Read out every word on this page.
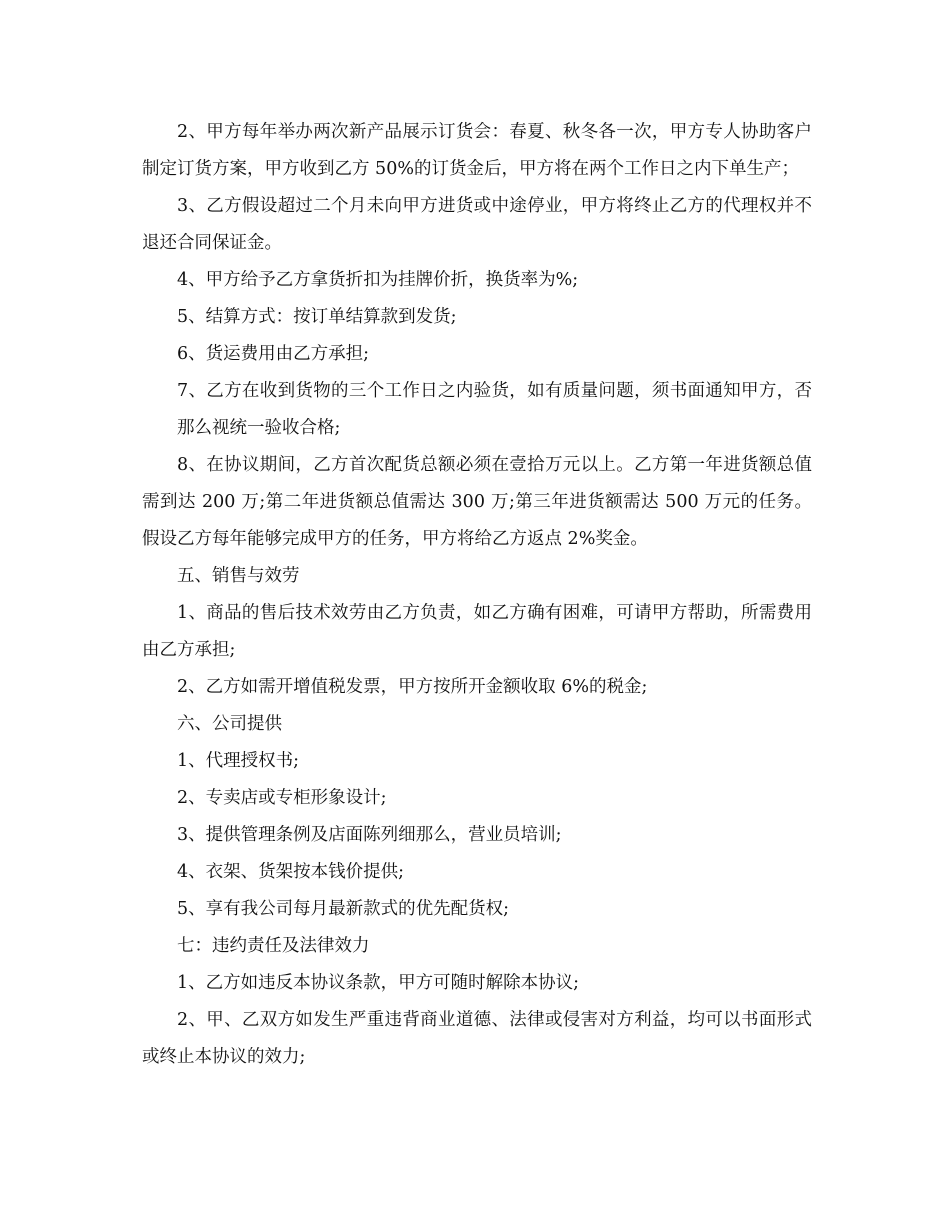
2、甲方每年举办两次新产品展示订货会：春夏、秋冬各一次，甲方专人协助客户制定订货方案，甲方收到乙方 50%的订货金后，甲方将在两个工作日之内下单生产；

3、乙方假设超过二个月未向甲方进货或中途停业，甲方将终止乙方的代理权并不退还合同保证金。

4、甲方给予乙方拿货折扣为挂牌价折，换货率为%;

5、结算方式：按订单结算款到发货;

6、货运费用由乙方承担;

7、乙方在收到货物的三个工作日之内验货，如有质量问题，须书面通知甲方，否那么视统一验收合格;

8、在协议期间，乙方首次配货总额必须在壹拾万元以上。乙方第一年进货额总值需到达 200 万;第二年进货额总值需达 300 万;第三年进货额需达 500 万元的任务。假设乙方每年能够完成甲方的任务，甲方将给乙方返点 2%奖金。

五、销售与效劳

1、商品的售后技术效劳由乙方负责，如乙方确有困难，可请甲方帮助，所需费用由乙方承担;

2、乙方如需开增值税发票，甲方按所开金额收取 6%的税金;

六、公司提供

1、代理授权书;

2、专卖店或专柜形象设计;

3、提供管理条例及店面陈列细那么，营业员培训;

4、衣架、货架按本钱价提供;

5、享有我公司每月最新款式的优先配货权;

七：违约责任及法律效力

1、乙方如违反本协议条款，甲方可随时解除本协议;

2、甲、乙双方如发生严重违背商业道德、法律或侵害对方利益，均可以书面形式或终止本协议的效力;
